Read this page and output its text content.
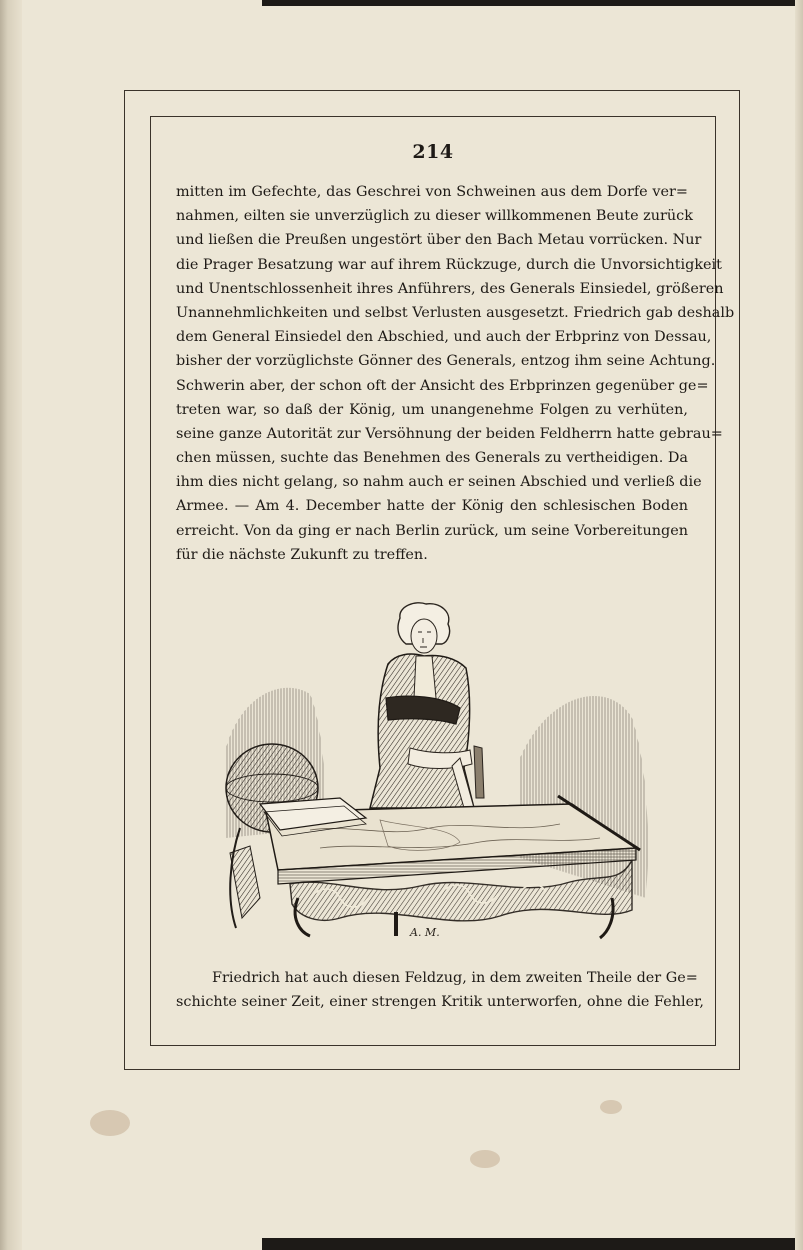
214
mitten im Gefechte, das Geschrei von Schweinen aus dem Dorfe ver=
nahmen, eilten sie unverzüglich zu dieser willkommenen Beute zurück
und ließen die Preußen ungestört über den Bach Metau vorrücken. Nur
die Prager Besatzung war auf ihrem Rückzuge, durch die Unvorsichtigkeit
und Unentschlossenheit ihres Anführers, des Generals Einsiedel, größeren
Unannehmlichkeiten und selbst Verlusten ausgesetzt. Friedrich gab deshalb
dem General Einsiedel den Abschied, und auch der Erbprinz von Dessau,
bisher der vorzüglichste Gönner des Generals, entzog ihm seine Achtung.
Schwerin aber, der schon oft der Ansicht des Erbprinzen gegenüber ge=
treten war, so daß der König, um unangenehme Folgen zu verhüten,
seine ganze Autorität zur Versöhnung der beiden Feldherrn hatte gebrau=
chen müssen, suchte das Benehmen des Generals zu vertheidigen. Da
ihm dies nicht gelang, so nahm auch er seinen Abschied und verließ die
Armee. — Am 4. December hatte der König den schlesischen Boden
erreicht. Von da ging er nach Berlin zurück, um seine Vorbereitungen
für die nächste Zukunft zu treffen.
A. M.
Friedrich hat auch diesen Feldzug, in dem zweiten Theile der Ge=
schichte seiner Zeit, einer strengen Kritik unterworfen, ohne die Fehler,
